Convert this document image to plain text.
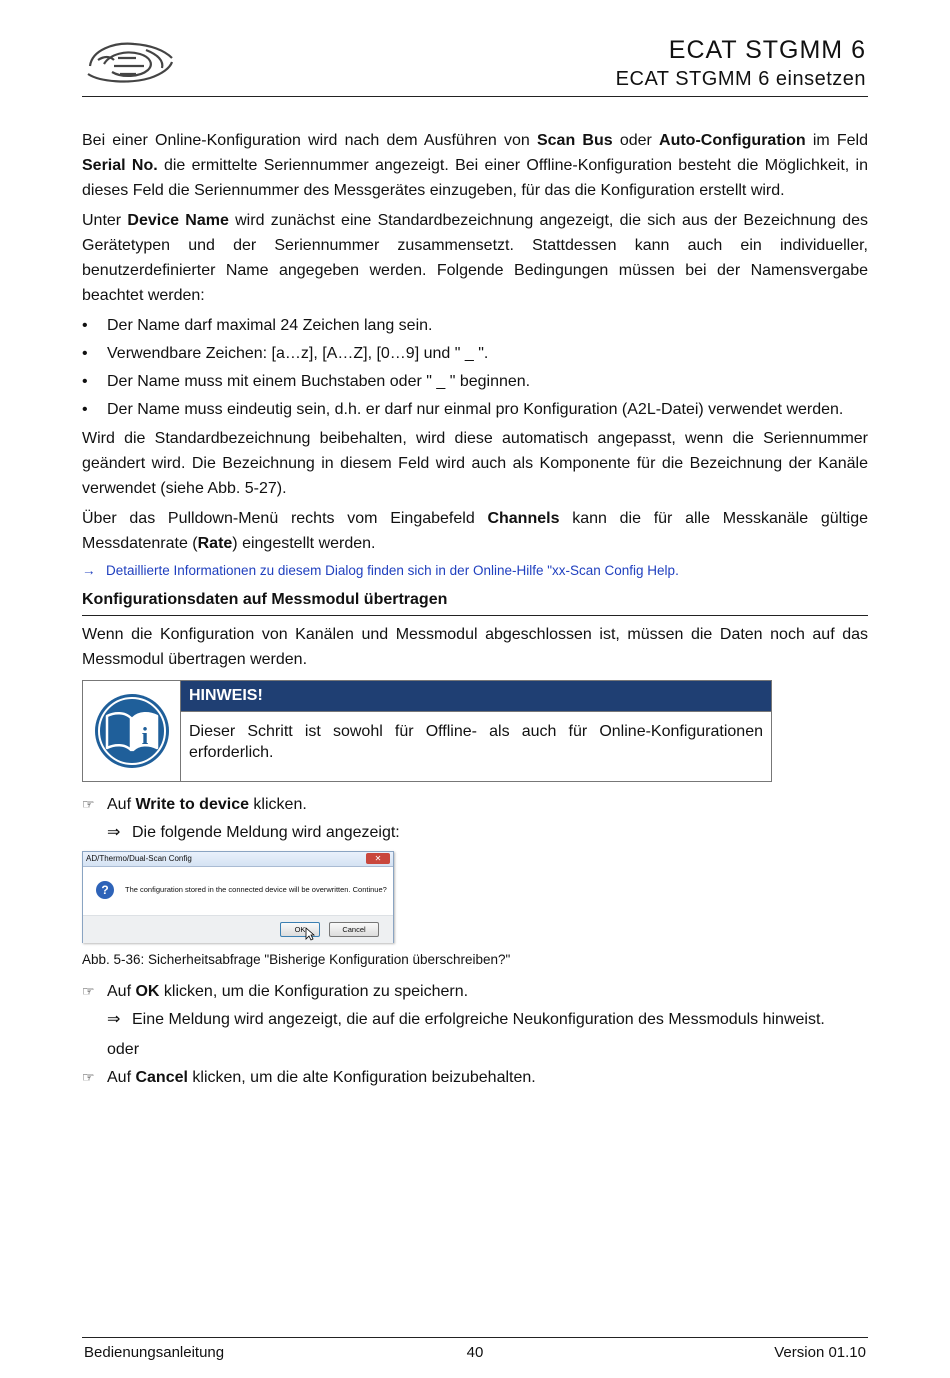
ECAT STGMM 6
ECAT STGMM 6 einsetzen

Bei einer Online-Konfiguration wird nach dem Ausführen von Scan Bus oder Auto-Configuration im Feld Serial No. die ermittelte Seriennummer angezeigt. Bei einer Offline-Konfiguration besteht die Möglichkeit, in dieses Feld die Seriennummer des Messgerätes einzugeben, für das die Konfiguration erstellt wird.

Unter Device Name wird zunächst eine Standardbezeichnung angezeigt, die sich aus der Bezeichnung des Gerätetypen und der Seriennummer zusammensetzt. Stattdessen kann auch ein individueller, benutzerdefinierter Name angegeben werden. Folgende Bedingungen müssen bei der Namensvergabe beachtet werden:

• Der Name darf maximal 24 Zeichen lang sein.
• Verwendbare Zeichen: [a…z], [A…Z], [0…9] und " _ ".
• Der Name muss mit einem Buchstaben oder " _ " beginnen.
• Der Name muss eindeutig sein, d.h. er darf nur einmal pro Konfiguration (A2L-Datei) verwendet werden.

Wird die Standardbezeichnung beibehalten, wird diese automatisch angepasst, wenn die Seriennummer geändert wird. Die Bezeichnung in diesem Feld wird auch als Komponente für die Bezeichnung der Kanäle verwendet (siehe Abb. 5-27).

Über das Pulldown-Menü rechts vom Eingabefeld Channels kann die für alle Messkanäle gültige Messdatenrate (Rate) eingestellt werden.

→ Detaillierte Informationen zu diesem Dialog finden sich in der Online-Hilfe "xx-Scan Config Help.
Konfigurationsdaten auf Messmodul übertragen

Wenn die Konfiguration von Kanälen und Messmodul abgeschlossen ist, müssen die Daten noch auf das Messmodul übertragen werden.

i
HINWEIS!
Dieser Schritt ist sowohl für Offline- als auch für Online-Konfigurationen erforderlich.
☞ Auf Write to device klicken.
⇒ Die folgende Meldung wird angezeigt:
AD/Thermo/Dual-Scan Config	✕
?	The configuration stored in the connected device will be overwritten. Continue?
OK	Cancel
Abb. 5-36: Sicherheitsabfrage "Bisherige Konfiguration überschreiben?"
☞ Auf OK klicken, um die Konfiguration zu speichern.
⇒ Eine Meldung wird angezeigt, die auf die erfolgreiche Neukonfiguration des Messmoduls hinweist.
oder
☞ Auf Cancel klicken, um die alte Konfiguration beizubehalten.
Bedienungsanleitung	40	Version 01.10
